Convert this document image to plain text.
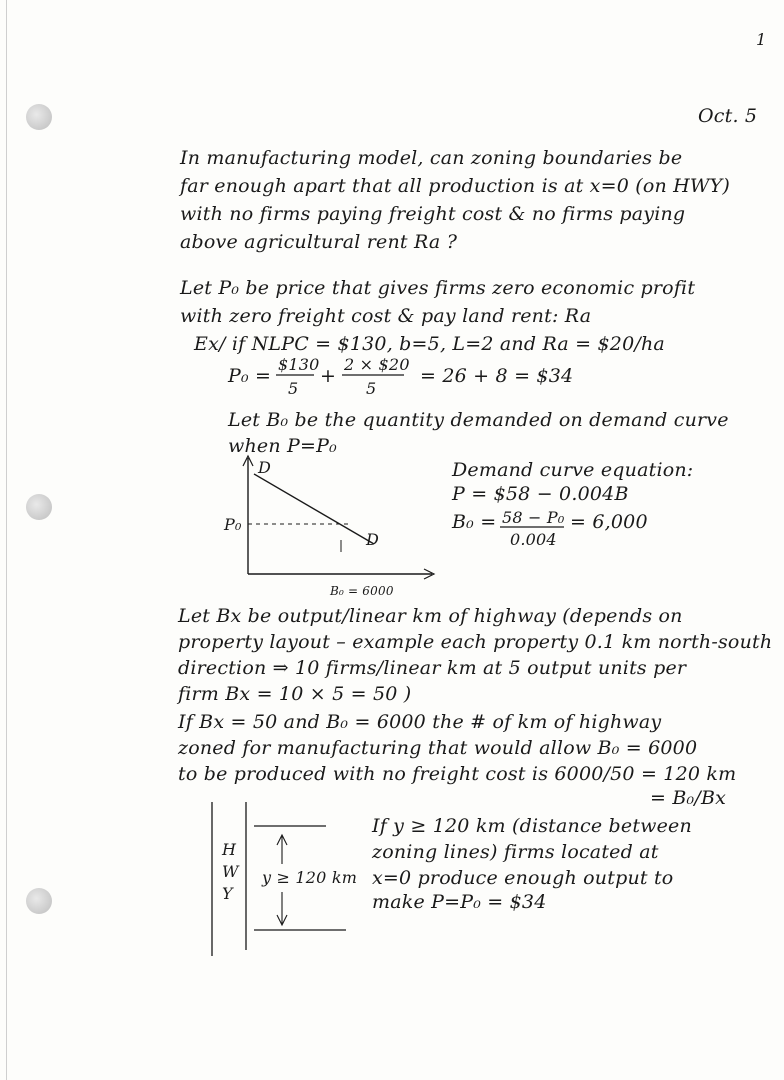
1
Oct. 5
In manufacturing model, can zoning boundaries be
far enough apart that all production is at x=0 (on HWY)
with no firms paying freight cost & no firms paying
above agricultural rent Ra ?
Let P₀ be price that gives firms zero economic profit
with zero freight cost & pay land rent: Ra
Ex/ if NLPC = $130, b=5, L=2 and Ra = $20/ha
P₀ =
$130
5
+
2 × $20
5
= 26 + 8 = $34
Let B₀ be the quantity demanded on demand curve
when P=P₀
D
D
P₀
B₀ = 6000
Demand curve equation:
P = $58 − 0.004B
B₀ = 58 − P₀
0.004
= 6,000
Let Bx be output/linear km of highway (depends on
property layout – example each property 0.1 km north-south
direction ⇒ 10 firms/linear km at 5 output units per
firm Bx = 10 × 5 = 50 )
If Bx = 50 and B₀ = 6000 the # of km of highway
zoned for manufacturing that would allow B₀ = 6000
to be produced with no freight cost is 6000/50 = 120 km
= B₀/Bx
H
W
Y
y ≥ 120 km
If y ≥ 120 km (distance between
zoning lines) firms located at
x=0 produce enough output to
make P=P₀ = $34
